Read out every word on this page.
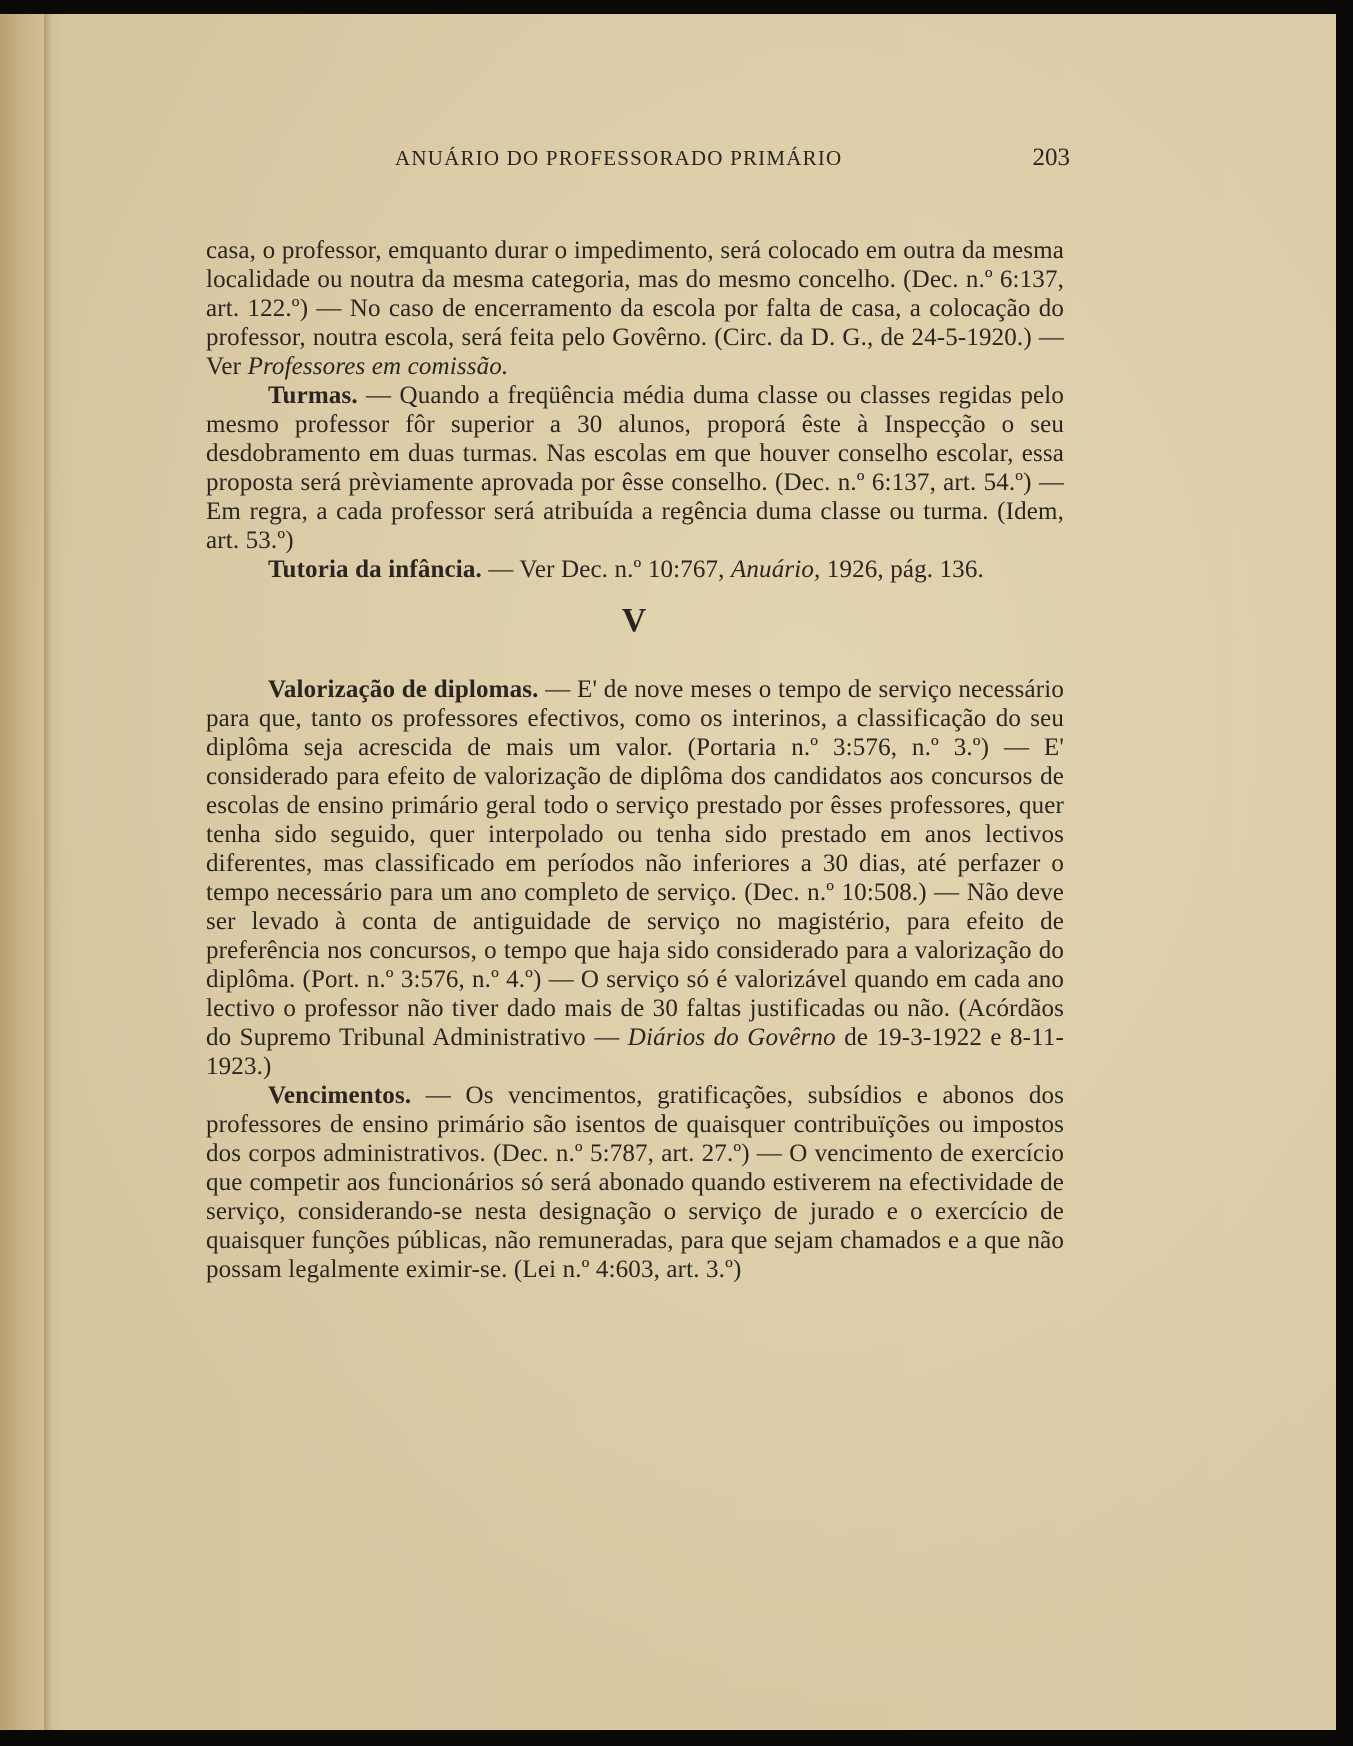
ANUÁRIO DO PROFESSORADO PRIMÁRIO	203

casa, o professor, emquanto durar o impedimento, será colocado em outra da mesma localidade ou noutra da mesma categoria, mas do mesmo concelho. (Dec. n.º 6:137, art. 122.º) — No caso de encerramento da escola por falta de casa, a colocação do professor, noutra escola, será feita pelo Govêrno. (Circ. da D. G., de 24-5-1920.) — Ver Professores em comissão.

Turmas. — Quando a freqüência média duma classe ou classes regidas pelo mesmo professor fôr superior a 30 alunos, proporá êste à Inspecção o seu desdobramento em duas turmas. Nas escolas em que houver conselho escolar, essa proposta será prèviamente aprovada por êsse conselho. (Dec. n.º 6:137, art. 54.º) — Em regra, a cada professor será atribuída a regência duma classe ou turma. (Idem, art. 53.º)

Tutoria da infância. — Ver Dec. n.º 10:767, Anuário, 1926, pág. 136.

V

Valorização de diplomas. — E' de nove meses o tempo de serviço necessário para que, tanto os professores efectivos, como os interinos, a classificação do seu diplôma seja acrescida de mais um valor. (Portaria n.º 3:576, n.º 3.º) — E' considerado para efeito de valorização de diplôma dos candidatos aos concursos de escolas de ensino primário geral todo o serviço prestado por êsses professores, quer tenha sido seguido, quer interpolado ou tenha sido prestado em anos lectivos diferentes, mas classificado em períodos não inferiores a 30 dias, até perfazer o tempo necessário para um ano completo de serviço. (Dec. n.º 10:508.) — Não deve ser levado à conta de antiguidade de serviço no magistério, para efeito de preferência nos concursos, o tempo que haja sido considerado para a valorização do diplôma. (Port. n.º 3:576, n.º 4.º) — O serviço só é valorizável quando em cada ano lectivo o professor não tiver dado mais de 30 faltas justificadas ou não. (Acórdãos do Supremo Tribunal Administrativo — Diários do Govêrno de 19-3-1922 e 8-11-1923.)

Vencimentos. — Os vencimentos, gratificações, subsídios e abonos dos professores de ensino primário são isentos de quaisquer contribuïções ou impostos dos corpos administrativos. (Dec. n.º 5:787, art. 27.º) — O vencimento de exercício que competir aos funcionários só será abonado quando estiverem na efectividade de serviço, considerando-se nesta designação o serviço de jurado e o exercício de quaisquer funções públicas, não remuneradas, para que sejam chamados e a que não possam legalmente eximir-se. (Lei n.º 4:603, art. 3.º)
